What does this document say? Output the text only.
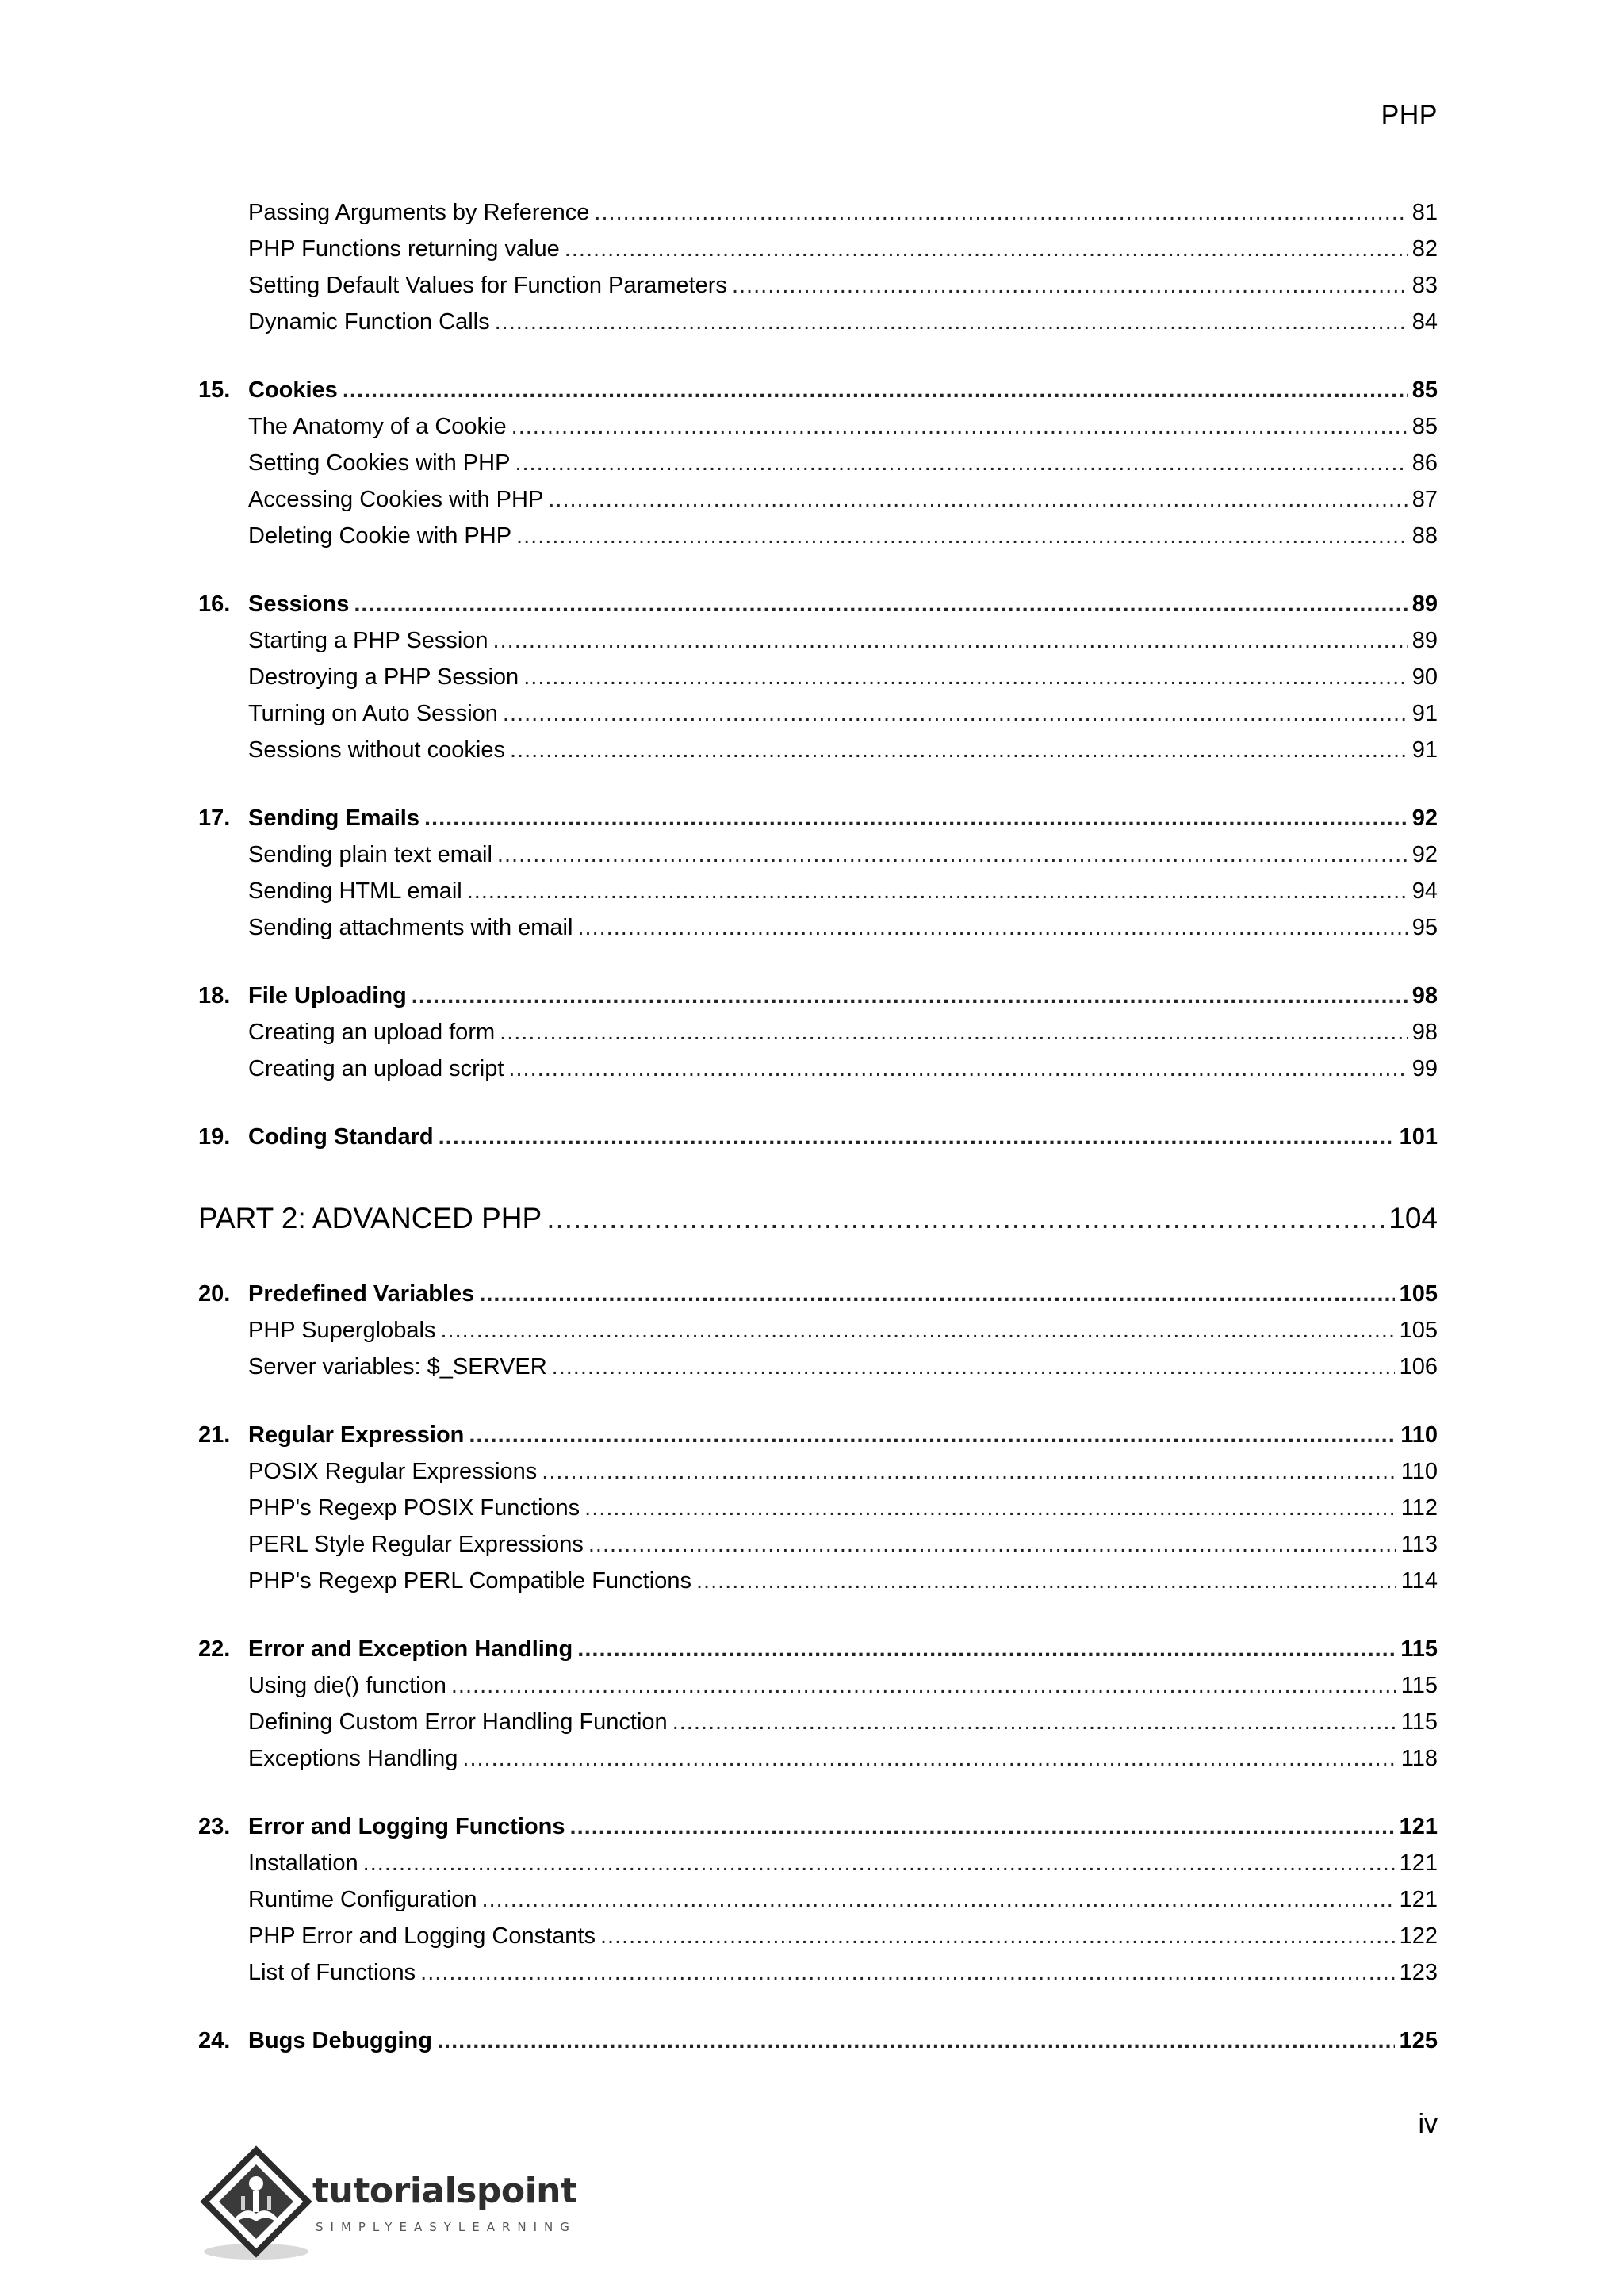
PHP
Passing Arguments by Reference .....	81
PHP Functions returning value .....	82
Setting Default Values for Function Parameters .....	83
Dynamic Function Calls .....	84
15. Cookies .....	85
The Anatomy of a Cookie .....	85
Setting Cookies with PHP .....	86
Accessing Cookies with PHP .....	87
Deleting Cookie with PHP .....	88
16. Sessions .....	89
Starting a PHP Session .....	89
Destroying a PHP Session .....	90
Turning on Auto Session .....	91
Sessions without cookies .....	91
17. Sending Emails .....	92
Sending plain text email .....	92
Sending HTML email .....	94
Sending attachments with email .....	95
18. File Uploading .....	98
Creating an upload form .....	98
Creating an upload script .....	99
19. Coding Standard .....	101
PART 2: ADVANCED PHP .....	104
20. Predefined Variables .....	105
PHP Superglobals .....	105
Server variables: $_SERVER .....	106
21. Regular Expression .....	110
POSIX Regular Expressions .....	110
PHP's Regexp POSIX Functions .....	112
PERL Style Regular Expressions .....	113
PHP's Regexp PERL Compatible Functions .....	114
22. Error and Exception Handling .....	115
Using die() function .....	115
Defining Custom Error Handling Function .....	115
Exceptions Handling .....	118
23. Error and Logging Functions .....	121
Installation .....	121
Runtime Configuration .....	121
PHP Error and Logging Constants .....	122
List of Functions .....	123
24. Bugs Debugging .....	125
iv
tutorialspoint
SIMPLYEASYLEARNING
